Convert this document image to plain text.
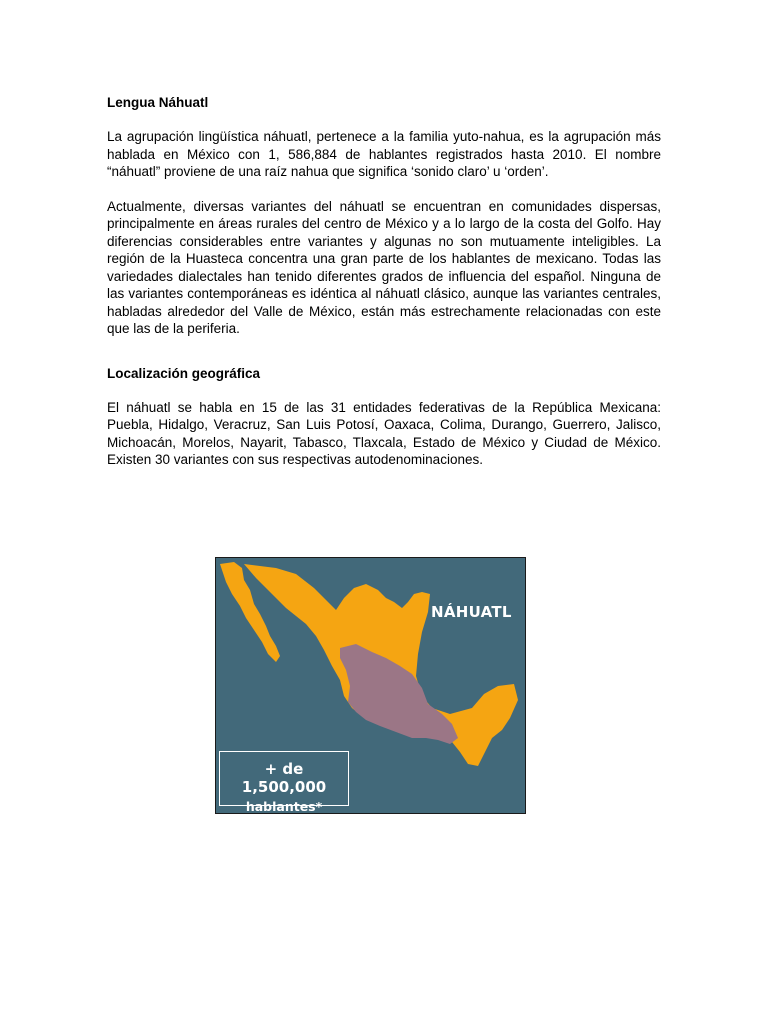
Lengua Náhuatl

La agrupación lingüística náhuatl, pertenece a la familia yuto-nahua, es la agrupación más hablada en México con 1, 586,884 de hablantes registrados hasta 2010. El nombre “náhuatl” proviene de una raíz nahua que significa ‘sonido claro’ u ‘orden’.

Actualmente, diversas variantes del náhuatl se encuentran en comunidades dispersas, principalmente en áreas rurales del centro de México y a lo largo de la costa del Golfo. Hay diferencias considerables entre variantes y algunas no son mutuamente inteligibles. La región de la Huasteca concentra una gran parte de los hablantes de mexicano. Todas las variedades dialectales han tenido diferentes grados de influencia del español. Ninguna de las variantes contemporáneas es idéntica al náhuatl clásico, aunque las variantes centrales, habladas alrededor del Valle de México, están más estrechamente relacionadas con este que las de la periferia.

Localización geográfica

El náhuatl se habla en 15 de las 31 entidades federativas de la República Mexicana: Puebla, Hidalgo, Veracruz, San Luis Potosí, Oaxaca, Colima, Durango, Guerrero, Jalisco, Michoacán, Morelos, Nayarit, Tabasco, Tlaxcala, Estado de México y Ciudad de México. Existen 30 variantes con sus respectivas autodenominaciones.

NÁHUATL
+ de 1,500,000
hablantes*
